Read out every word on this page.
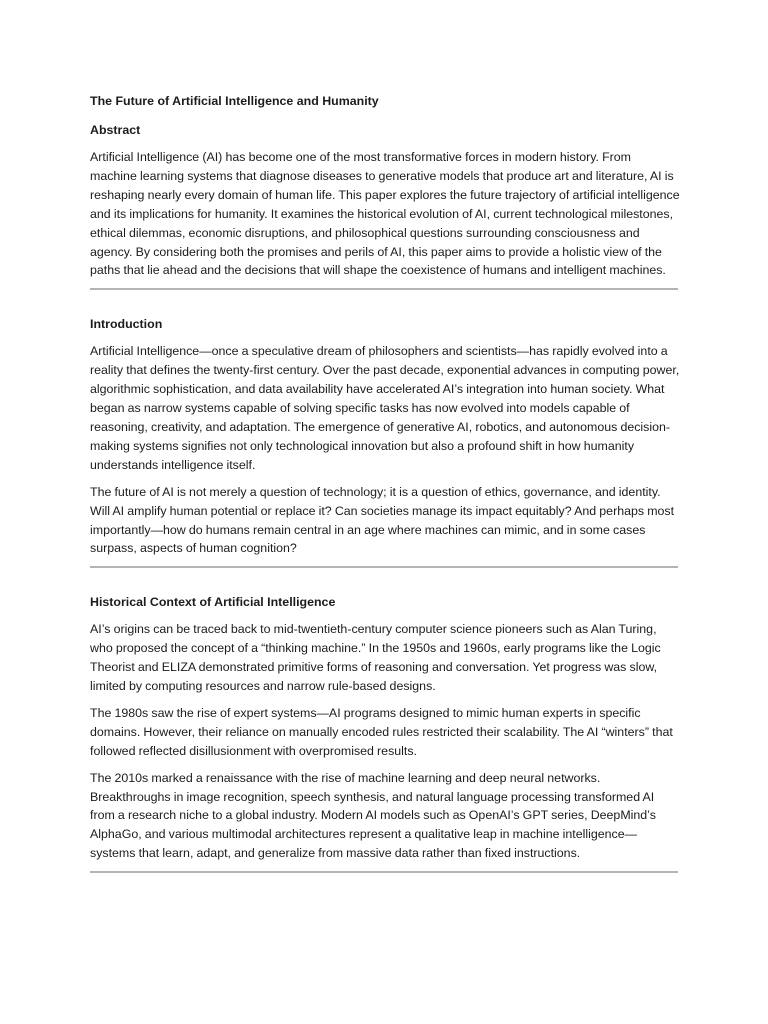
The Future of Artificial Intelligence and Humanity
Abstract

Artificial Intelligence (AI) has become one of the most transformative forces in modern history. From machine learning systems that diagnose diseases to generative models that produce art and literature, AI is reshaping nearly every domain of human life. This paper explores the future trajectory of artificial intelligence and its implications for humanity. It examines the historical evolution of AI, current technological milestones, ethical dilemmas, economic disruptions, and philosophical questions surrounding consciousness and agency. By considering both the promises and perils of AI, this paper aims to provide a holistic view of the paths that lie ahead and the decisions that will shape the coexistence of humans and intelligent machines.

Introduction

Artificial Intelligence—once a speculative dream of philosophers and scientists—has rapidly evolved into a reality that defines the twenty-first century. Over the past decade, exponential advances in computing power, algorithmic sophistication, and data availability have accelerated AI’s integration into human society. What began as narrow systems capable of solving specific tasks has now evolved into models capable of reasoning, creativity, and adaptation. The emergence of generative AI, robotics, and autonomous decision-making systems signifies not only technological innovation but also a profound shift in how humanity understands intelligence itself.

The future of AI is not merely a question of technology; it is a question of ethics, governance, and identity. Will AI amplify human potential or replace it? Can societies manage its impact equitably? And perhaps most importantly—how do humans remain central in an age where machines can mimic, and in some cases surpass, aspects of human cognition?

Historical Context of Artificial Intelligence

AI’s origins can be traced back to mid-twentieth-century computer science pioneers such as Alan Turing, who proposed the concept of a “thinking machine.” In the 1950s and 1960s, early programs like the Logic Theorist and ELIZA demonstrated primitive forms of reasoning and conversation. Yet progress was slow, limited by computing resources and narrow rule-based designs.

The 1980s saw the rise of expert systems—AI programs designed to mimic human experts in specific domains. However, their reliance on manually encoded rules restricted their scalability. The AI “winters” that followed reflected disillusionment with overpromised results.

The 2010s marked a renaissance with the rise of machine learning and deep neural networks. Breakthroughs in image recognition, speech synthesis, and natural language processing transformed AI from a research niche to a global industry. Modern AI models such as OpenAI’s GPT series, DeepMind’s AlphaGo, and various multimodal architectures represent a qualitative leap in machine intelligence—systems that learn, adapt, and generalize from massive data rather than fixed instructions.
